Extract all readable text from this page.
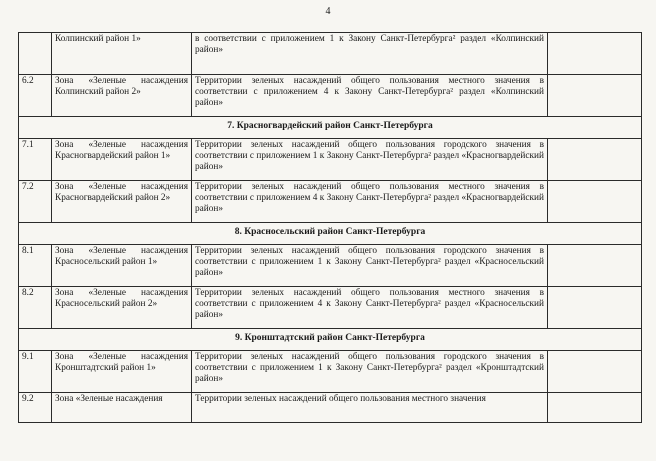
4
	Колпинский район 1»	в соответствии с приложением 1 к Закону Санкт-Петербурга² раздел «Колпинский район»	
6.2	Зона «Зеленые насаждения Колпинский район 2»	Территории зеленых насаждений общего пользования местного значения в соответствии с приложением 4 к Закону Санкт-Петербурга² раздел «Колпинский район»	
7. Красногвардейский район Санкт-Петербурга			
7.1	Зона «Зеленые насаждения Красногвардейский район 1»	Территории зеленых насаждений общего пользования городского значения в соответствии с приложением 1 к Закону Санкт-Петербурга² раздел «Красногвардейский район»	
7.2	Зона «Зеленые насаждения Красногвардейский район 2»	Территории зеленых насаждений общего пользования местного значения в соответствии с приложением 4 к Закону Санкт-Петербурга² раздел «Красногвардейский район»	
8. Красносельский район Санкт-Петербурга			
8.1	Зона «Зеленые насаждения Красносельский район 1»	Территории зеленых насаждений общего пользования городского значения в соответствии с приложением 1 к Закону Санкт-Петербурга² раздел «Красносельский район»	
8.2	Зона «Зеленые насаждения Красносельский район 2»	Территории зеленых насаждений общего пользования местного значения в соответствии с приложением 4 к Закону Санкт-Петербурга² раздел «Красносельский район»	
9. Кронштадтский район Санкт-Петербурга			
9.1	Зона «Зеленые насаждения Кронштадтский район 1»	Территории зеленых насаждений общего пользования городского значения в соответствии с приложением 1 к Закону Санкт-Петербурга² раздел «Кронштадтский район»	
9.2	Зона «Зеленые насаждения	Территории зеленых насаждений общего пользования местного значения	
